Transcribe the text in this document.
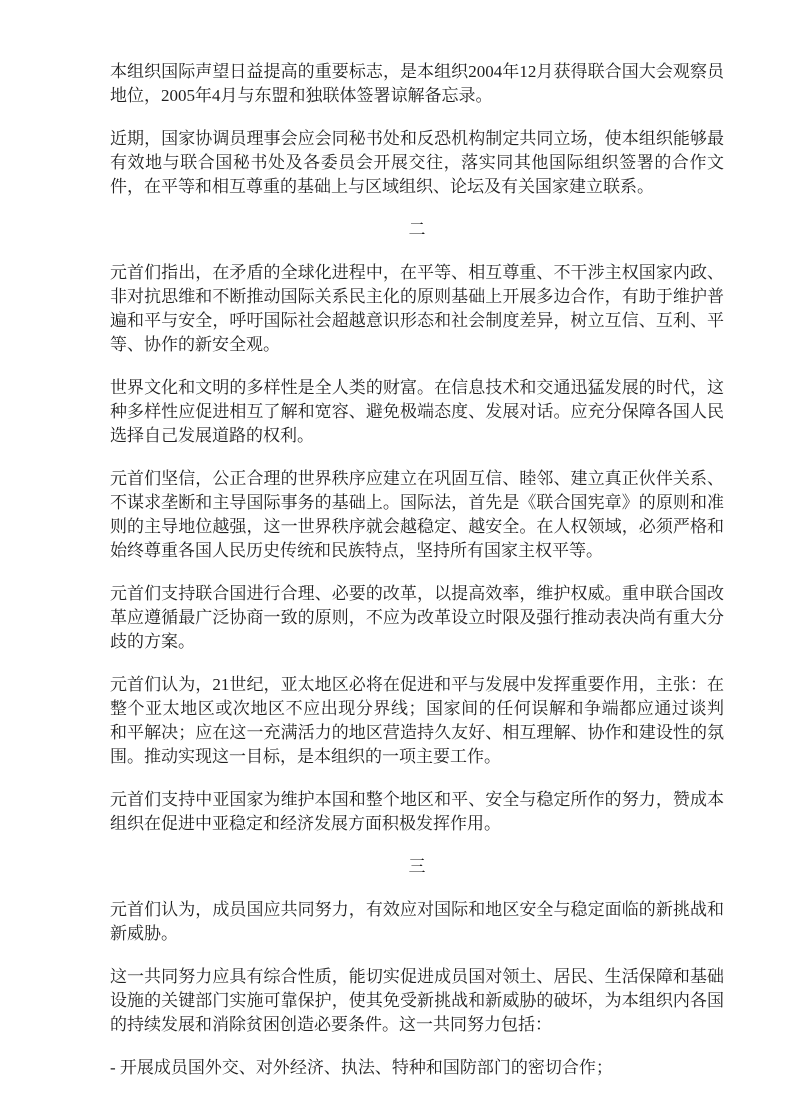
本组织国际声望日益提高的重要标志，是本组织2004年12月获得联合国大会观察员地位，2005年4月与东盟和独联体签署谅解备忘录。

近期，国家协调员理事会应会同秘书处和反恐机构制定共同立场，使本组织能够最有效地与联合国秘书处及各委员会开展交往，落实同其他国际组织签署的合作文件，在平等和相互尊重的基础上与区域组织、论坛及有关国家建立联系。

二

元首们指出，在矛盾的全球化进程中，在平等、相互尊重、不干涉主权国家内政、非对抗思维和不断推动国际关系民主化的原则基础上开展多边合作，有助于维护普遍和平与安全，呼吁国际社会超越意识形态和社会制度差异，树立互信、互利、平等、协作的新安全观。

世界文化和文明的多样性是全人类的财富。在信息技术和交通迅猛发展的时代，这种多样性应促进相互了解和宽容、避免极端态度、发展对话。应充分保障各国人民选择自己发展道路的权利。

元首们坚信，公正合理的世界秩序应建立在巩固互信、睦邻、建立真正伙伴关系、不谋求垄断和主导国际事务的基础上。国际法，首先是《联合国宪章》的原则和准 则的主导地位越强，这一世界秩序就会越稳定、越安全。在人权领域，必须严格和始终尊重各国人民历史传统和民族特点，坚持所有国家主权平等。

元首们支持联合国进行合理、必要的改革，以提高效率，维护权威。重申联合国改革应遵循最广泛协商一致的原则，不应为改革设立时限及强行推动表决尚有重大分歧的方案。

元首们认为，21世纪，亚太地区必将在促进和平与发展中发挥重要作用，主张：在整个亚太地区或次地区不应出现分界线；国家间的任何误解和争端都应通过谈判 和平解决；应在这一充满活力的地区营造持久友好、相互理解、协作和建设性的氛围。推动实现这一目标，是本组织的一项主要工作。

元首们支持中亚国家为维护本国和整个地区和平、安全与稳定所作的努力，赞成本组织在促进中亚稳定和经济发展方面积极发挥作用。

三

元首们认为，成员国应共同努力，有效应对国际和地区安全与稳定面临的新挑战和新威胁。

这一共同努力应具有综合性质，能切实促进成员国对领土、居民、生活保障和基础设施的关键部门实施可靠保护，使其免受新挑战和新威胁的破坏，为本组织内各国的持续发展和消除贫困创造必要条件。这一共同努力包括：

- 开展成员国外交、对外经济、执法、特种和国防部门的密切合作；
